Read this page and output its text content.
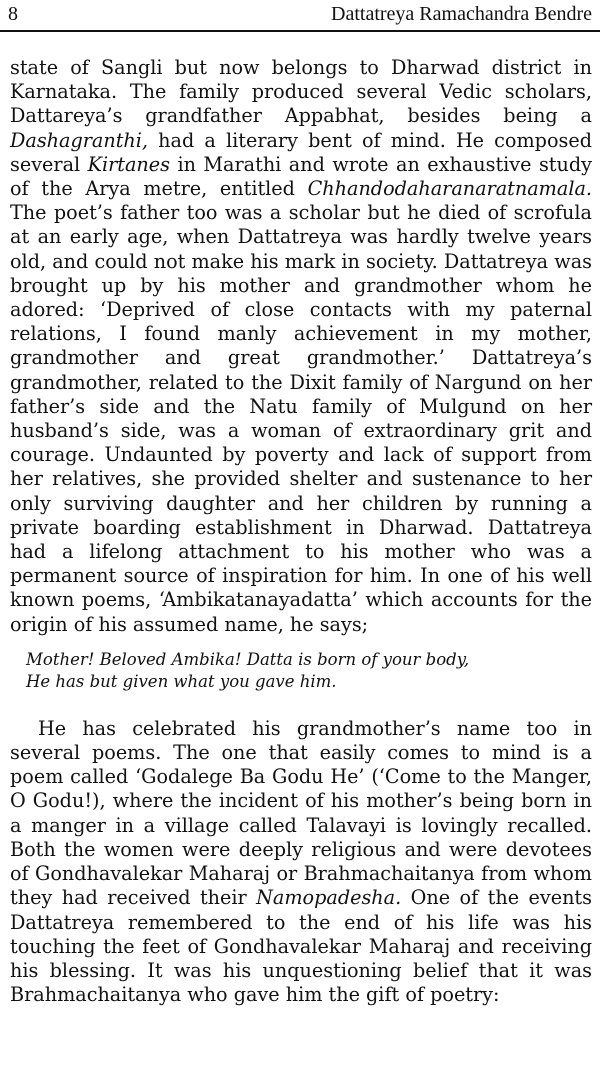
8	Dattatreya Ramachandra Bendre

state of Sangli but now belongs to Dharwad district in Karnataka. The family produced several Vedic scholars, Dattareya’s grandfather Appabhat, besides being a Dashagranthi, had a literary bent of mind. He composed several Kirtanes in Marathi and wrote an exhaustive study of the Arya metre, entitled Chhandodaharanaratnamala. The poet’s father too was a scholar but he died of scrofula at an early age, when Dattatreya was hardly twelve years old, and could not make his mark in society. Dattatreya was brought up by his mother and grandmother whom he adored: ‘Deprived of close contacts with my paternal relations, I found manly achievement in my mother, grandmother and great grandmother.’ Dattatreya’s grandmother, related to the Dixit family of Nargund on her father’s side and the Natu family of Mulgund on her husband’s side, was a woman of extraordinary grit and courage. Undaunted by poverty and lack of support from her relatives, she provided shelter and sustenance to her only surviving daughter and her children by running a private boarding establishment in Dharwad. Dattatreya had a lifelong attachment to his mother who was a permanent source of inspiration for him. In one of his well known poems, ‘Ambikatanayadatta’ which accounts for the origin of his assumed name, he says;

Mother! Beloved Ambika! Datta is born of your body,
He has but given what you gave him.

He has celebrated his grandmother’s name too in several poems. The one that easily comes to mind is a poem called ‘Godalege Ba Godu He’ (‘Come to the Manger, O Godu!), where the incident of his mother’s being born in a manger in a village called Talavayi is lovingly recalled. Both the women were deeply religious and were devotees of Gondhavalekar Maharaj or Brahmachaitanya from whom they had received their Namopadesha. One of the events Dattatreya remembered to the end of his life was his touching the feet of Gondhavalekar Maharaj and receiving his blessing. It was his unquestioning belief that it was Brahmachaitanya who gave him the gift of poetry:
